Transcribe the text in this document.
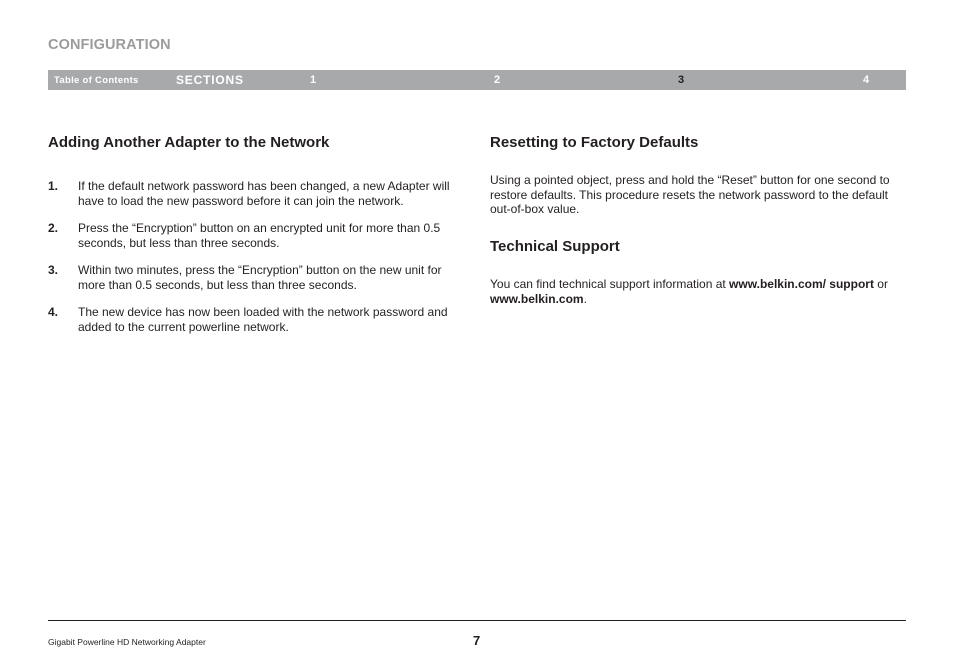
CONFIGURATION
Table of Contents	SECTIONS	1	2	3	4
Adding Another Adapter to the Network
1. If the default network password has been changed, a new Adapter will have to load the new password before it can join the network.
2. Press the “Encryption” button on an encrypted unit for more than 0.5 seconds, but less than three seconds.
3. Within two minutes, press the “Encryption” button on the new unit for more than 0.5 seconds, but less than three seconds.
4. The new device has now been loaded with the network password and added to the current powerline network.
Resetting to Factory Defaults

Using a pointed object, press and hold the “Reset” button for one second to restore defaults. This procedure resets the network password to the default out-of-box value.

Technical Support

You can find technical support information at www.belkin.com/ support or www.belkin.com.

Gigabit Powerline HD Networking Adapter	7
